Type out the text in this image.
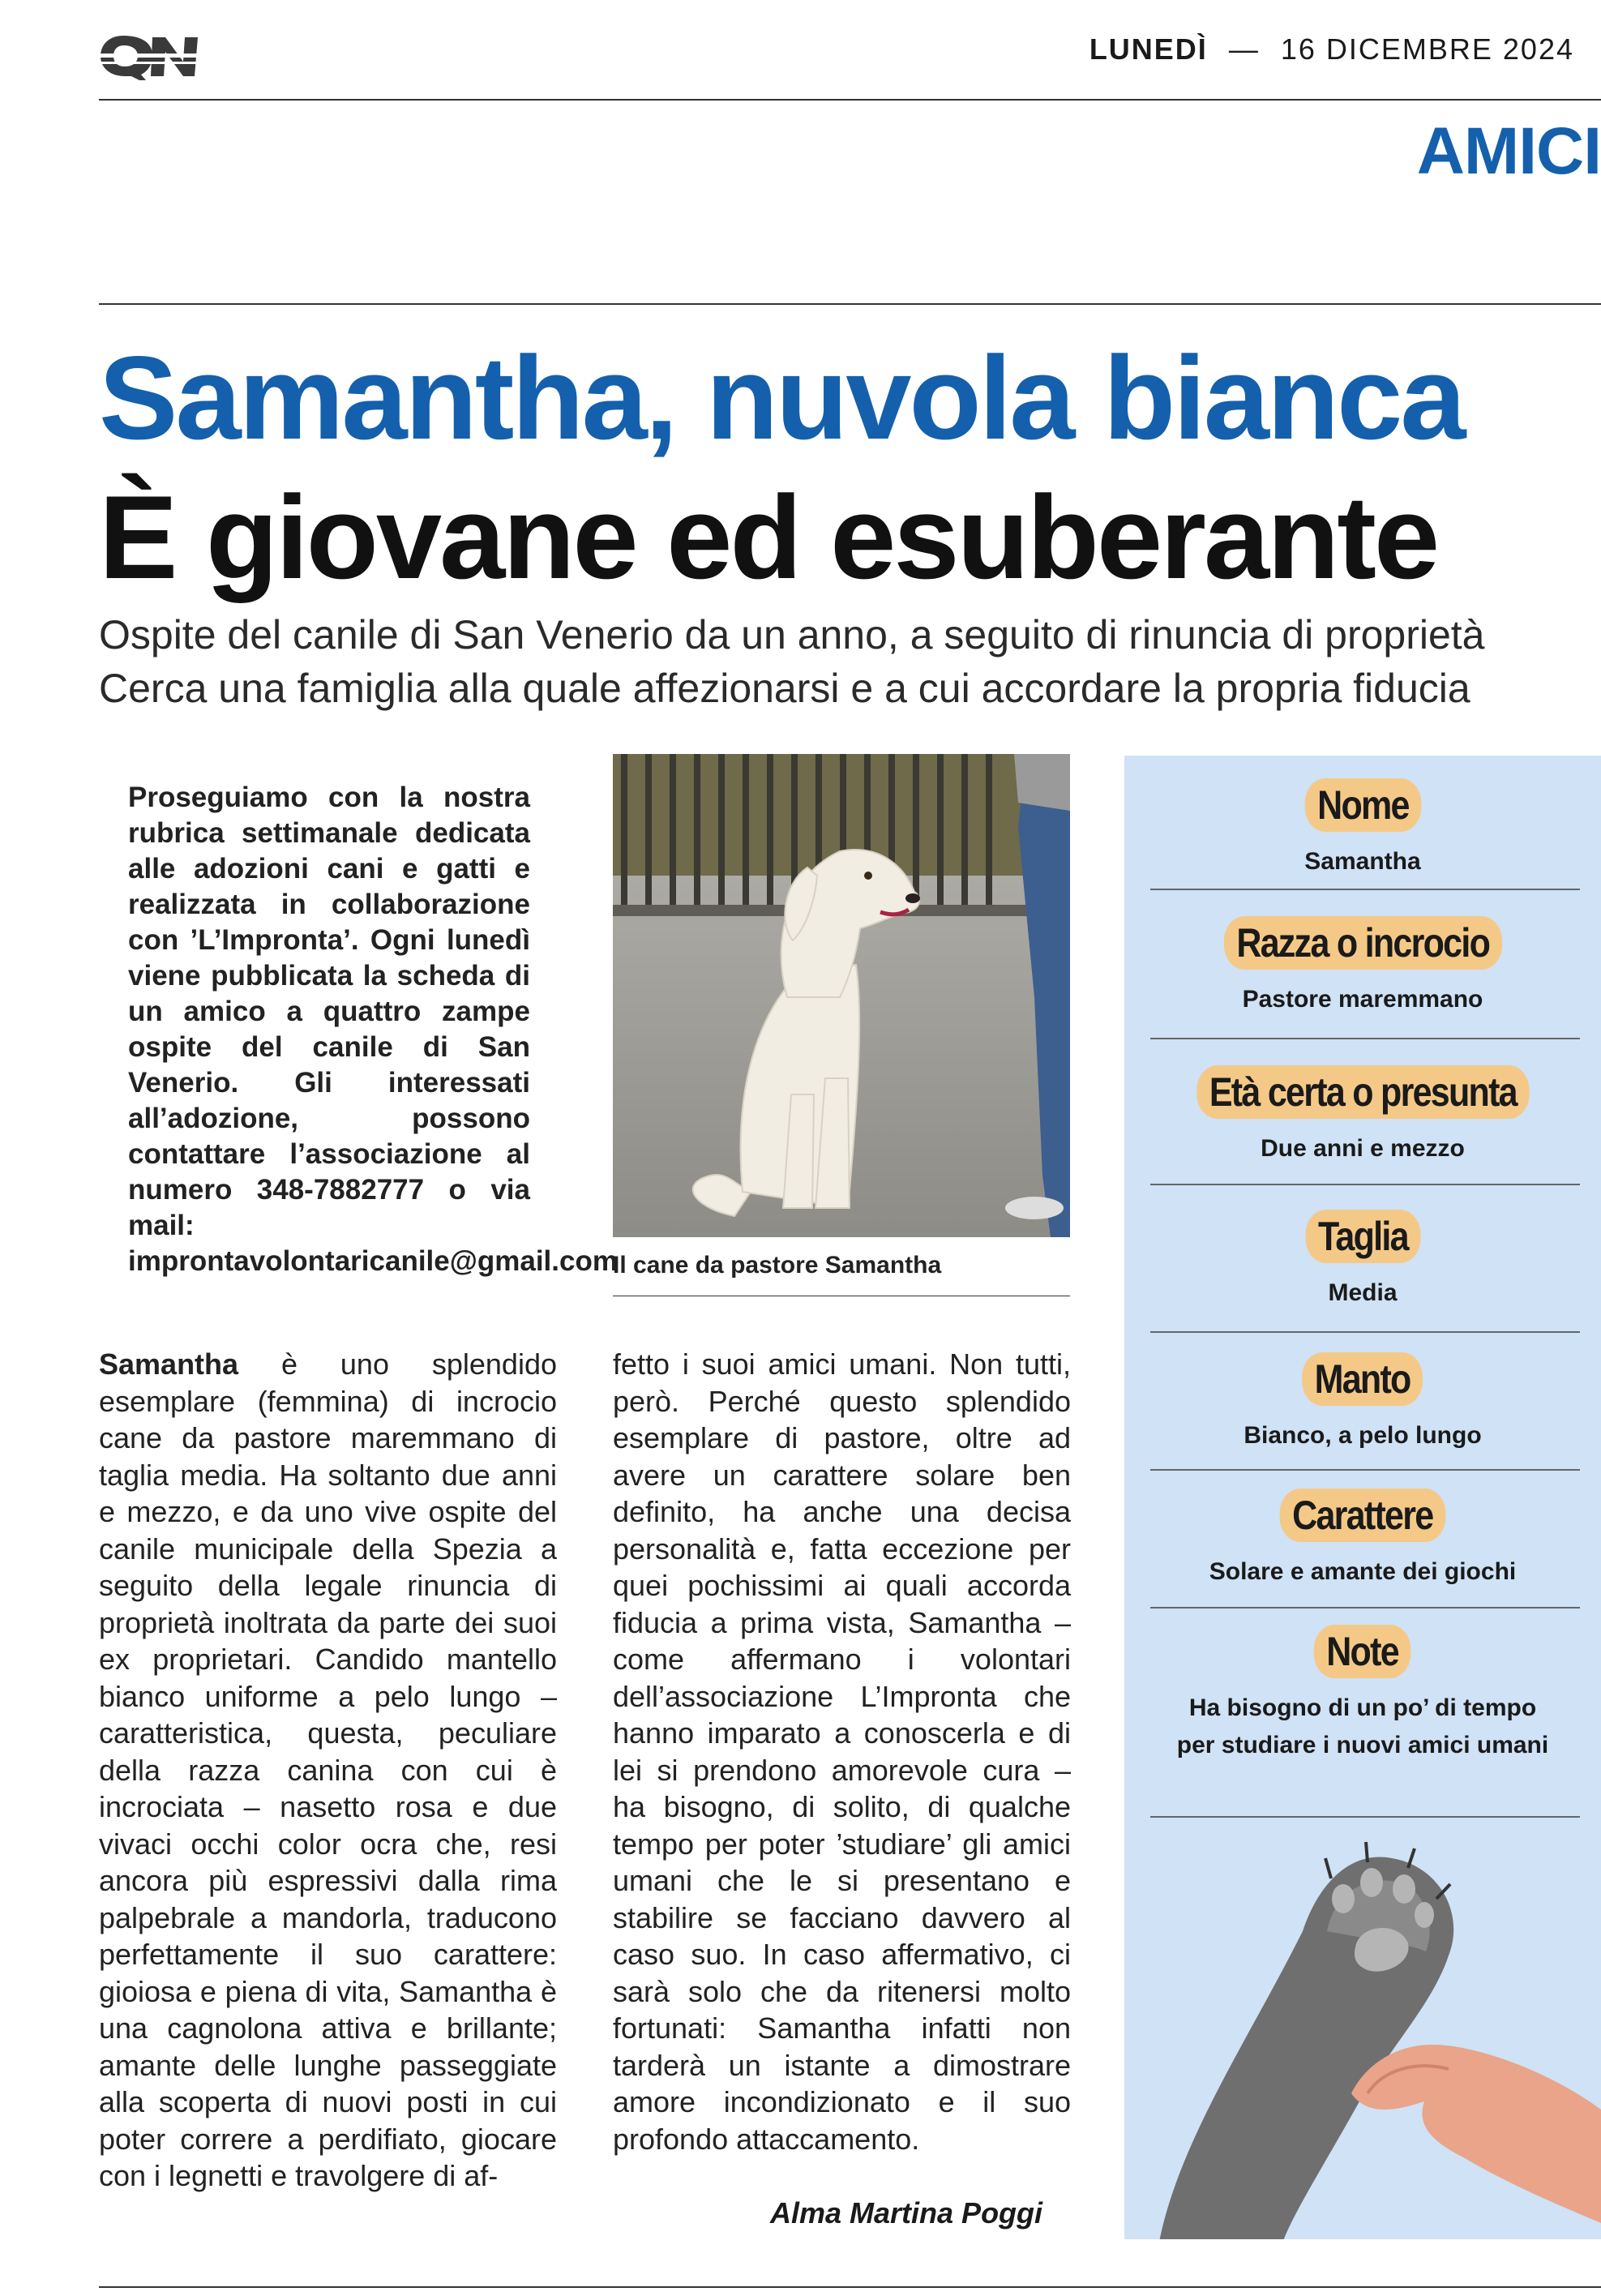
LUNEDÌ — 16 DICEMBRE 2024
AMICI
Samantha, nuvola bianca
È giovane ed esuberante
Ospite del canile di San Venerio da un anno, a seguito di rinuncia di proprietà
Cerca una famiglia alla quale affezionarsi e a cui accordare la propria fiducia
Proseguiamo con la nostra rubrica settimanale dedicata alle adozioni cani e gatti e realizzata in collaborazione con ’L’Impronta’. Ogni lunedì viene pubblicata la scheda di un amico a quattro zampe ospite del canile di San Venerio. Gli interessati all’adozione, possono contattare l’associazione al numero 348-7882777 o via mail: improntavolontaricanile@gmail.com
Il cane da pastore Samantha
Samantha è uno splendido esemplare (femmina) di incrocio cane da pastore maremmano di taglia media. Ha soltanto due anni e mezzo, e da uno vive ospite del canile municipale della Spezia a seguito della legale rinuncia di proprietà inoltrata da parte dei suoi ex proprietari. Candido mantello bianco uniforme a pelo lungo – caratteristica, questa, peculiare della razza canina con cui è incrociata – nasetto rosa e due vivaci occhi color ocra che, resi ancora più espressivi dalla rima palpebrale a mandorla, traducono perfettamente il suo carattere: gioiosa e piena di vita, Samantha è una cagnolona attiva e brillante; amante delle lunghe passeggiate alla scoperta di nuovi posti in cui poter correre a perdifiato, giocare con i legnetti e travolgere di af-
fetto i suoi amici umani. Non tutti, però. Perché questo splendido esemplare di pastore, oltre ad avere un carattere solare ben definito, ha anche una decisa personalità e, fatta eccezione per quei pochissimi ai quali accorda fiducia a prima vista, Samantha – come affermano i volontari dell’associazione L’Impronta che hanno imparato a conoscerla e di lei si prendono amorevole cura – ha bisogno, di solito, di qualche tempo per poter ’studiare’ gli amici umani che le si presentano e stabilire se facciano davvero al caso suo. In caso affermativo, ci sarà solo che da ritenersi molto fortunati: Samantha infatti non tarderà un istante a dimostrare amore incondizionato e il suo profondo attaccamento.
Alma Martina Poggi
Nome
Samantha
Razza o incrocio
Pastore maremmano
Età certa o presunta
Due anni e mezzo
Taglia
Media
Manto
Bianco, a pelo lungo
Carattere
Solare e amante dei giochi
Note
Ha bisogno di un po’ di tempo per studiare i nuovi amici umani
